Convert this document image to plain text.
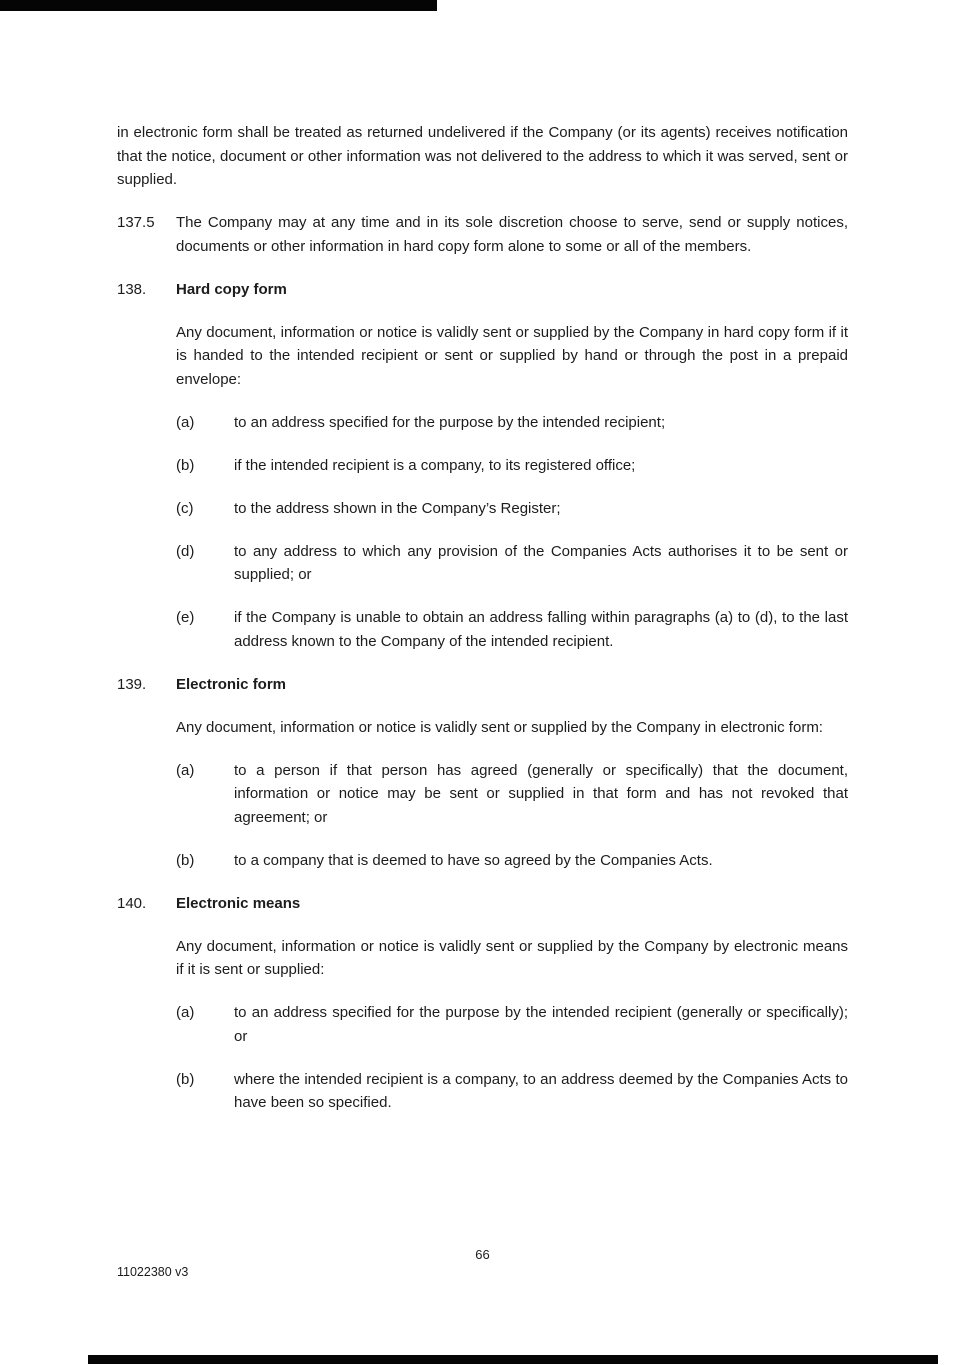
in electronic form shall be treated as returned undelivered if the Company (or its agents) receives notification that the notice, document or other information was not delivered to the address to which it was served, sent or supplied.

137.5	The Company may at any time and in its sole discretion choose to serve, send or supply notices, documents or other information in hard copy form alone to some or all of the members.

138.	Hard copy form

Any document, information or notice is validly sent or supplied by the Company in hard copy form if it is handed to the intended recipient or sent or supplied by hand or through the post in a prepaid envelope:

(a)	to an address specified for the purpose by the intended recipient;

(b)	if the intended recipient is a company, to its registered office;

(c)	to the address shown in the Company’s Register;

(d)	to any address to which any provision of the Companies Acts authorises it to be sent or supplied; or

(e)	if the Company is unable to obtain an address falling within paragraphs (a) to (d), to the last address known to the Company of the intended recipient.

139.	Electronic form

Any document, information or notice is validly sent or supplied by the Company in electronic form:

(a)	to a person if that person has agreed (generally or specifically) that the document, information or notice may be sent or supplied in that form and has not revoked that agreement; or

(b)	to a company that is deemed to have so agreed by the Companies Acts.

140.	Electronic means

Any document, information or notice is validly sent or supplied by the Company by electronic means if it is sent or supplied:

(a)	to an address specified for the purpose by the intended recipient (generally or specifically); or

(b)	where the intended recipient is a company, to an address deemed by the Companies Acts to have been so specified.

66
11022380 v3
